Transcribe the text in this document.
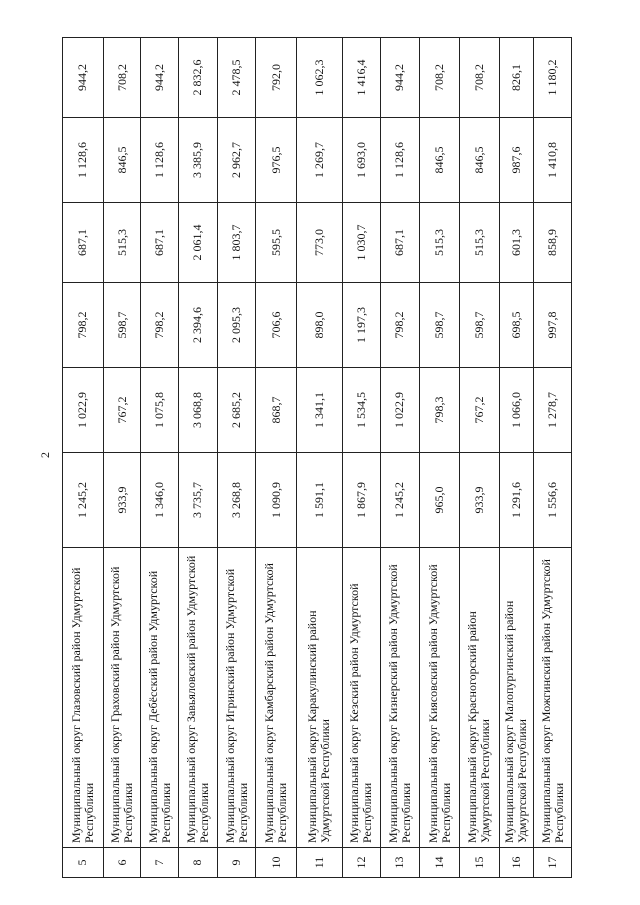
2
5	Муниципальный округ Глазовский район Удмуртской Республики	1 245,2	1 022,9	798,2	687,1	1 128,6	944,2
6	Муниципальный округ Граховский район Удмуртской Республики	933,9	767,2	598,7	515,3	846,5	708,2
7	Муниципальный округ Дебёсский район Удмуртской Республики	1 346,0	1 075,8	798,2	687,1	1 128,6	944,2
8	Муниципальный округ Завьяловский район Удмуртской Республики	3 735,7	3 068,8	2 394,6	2 061,4	3 385,9	2 832,6
9	Муниципальный округ Игринский район Удмуртской Республики	3 268,8	2 685,2	2 095,3	1 803,7	2 962,7	2 478,5
10	Муниципальный округ Камбарский район Удмуртской Республики	1 090,9	868,7	706,6	595,5	976,5	792,0
11	Муниципальный округ Каракулинский район Удмуртской Республики	1 591,1	1 341,1	898,0	773,0	1 269,7	1 062,3
12	Муниципальный округ Кезский район Удмуртской Республики	1 867,9	1 534,5	1 197,3	1 030,7	1 693,0	1 416,4
13	Муниципальный округ Кизнерский район Удмуртской Республики	1 245,2	1 022,9	798,2	687,1	1 128,6	944,2
14	Муниципальный округ Киясовский район Удмуртской Республики	965,0	798,3	598,7	515,3	846,5	708,2
15	Муниципальный округ Красногорский район Удмуртской Республики	933,9	767,2	598,7	515,3	846,5	708,2
16	Муниципальный округ Малопургинский район Удмуртской Республики	1 291,6	1 066,0	698,5	601,3	987,6	826,1
17	Муниципальный округ Можгинский район Удмуртской Республики	1 556,6	1 278,7	997,8	858,9	1 410,8	1 180,2
